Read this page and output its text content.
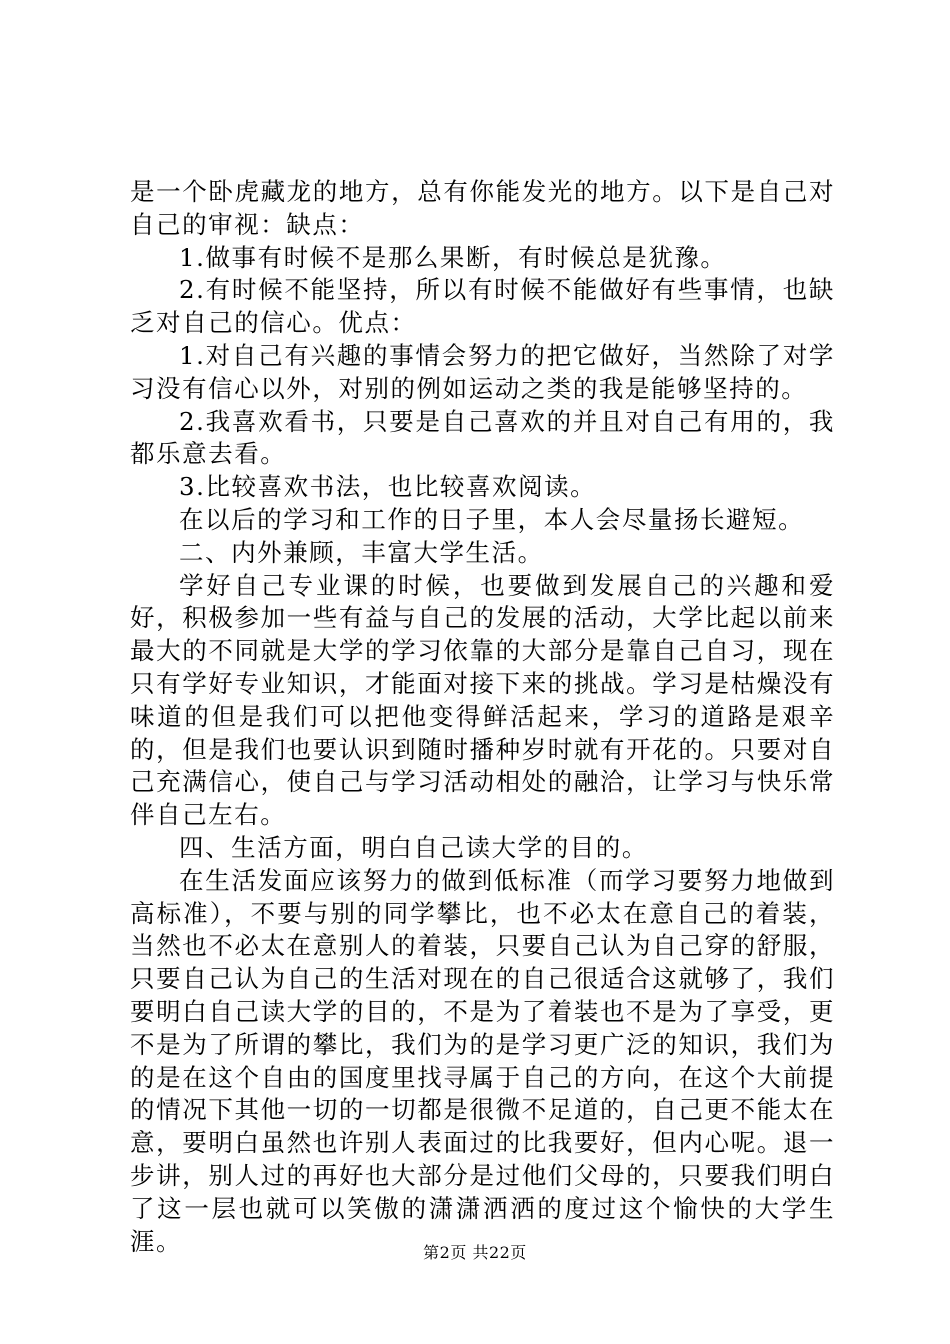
是一个卧虎藏龙的地方，总有你能发光的地方。以下是自己对自己的审视：缺点：

1.做事有时候不是那么果断，有时候总是犹豫。

2.有时候不能坚持，所以有时候不能做好有些事情，也缺乏对自己的信心。优点：

1.对自己有兴趣的事情会努力的把它做好，当然除了对学习没有信心以外，对别的例如运动之类的我是能够坚持的。

2.我喜欢看书，只要是自己喜欢的并且对自己有用的，我都乐意去看。

3.比较喜欢书法，也比较喜欢阅读。

在以后的学习和工作的日子里，本人会尽量扬长避短。

二、内外兼顾，丰富大学生活。

学好自己专业课的时候，也要做到发展自己的兴趣和爱好，积极参加一些有益与自己的发展的活动，大学比起以前来最大的不同就是大学的学习依靠的大部分是靠自己自习，现在只有学好专业知识，才能面对接下来的挑战。学习是枯燥没有味道的但是我们可以把他变得鲜活起来，学习的道路是艰辛的，但是我们也要认识到随时播种岁时就有开花的。只要对自己充满信心，使自己与学习活动相处的融洽，让学习与快乐常伴自己左右。

四、生活方面，明白自己读大学的目的。

在生活发面应该努力的做到低标准（而学习要努力地做到高标准），不要与别的同学攀比，也不必太在意自己的着装，当然也不必太在意别人的着装，只要自己认为自己穿的舒服，只要自己认为自己的生活对现在的自己很适合这就够了，我们要明白自己读大学的目的，不是为了着装也不是为了享受，更不是为了所谓的攀比，我们为的是学习更广泛的知识，我们为的是在这个自由的国度里找寻属于自己的方向，在这个大前提的情况下其他一切的一切都是很微不足道的，自己更不能太在意，要明白虽然也许别人表面过的比我要好，但内心呢。退一步讲，别人过的再好也大部分是过他们父母的，只要我们明白了这一层也就可以笑傲的潇潇洒洒的度过这个愉快的大学生涯。	第2页 共22页
